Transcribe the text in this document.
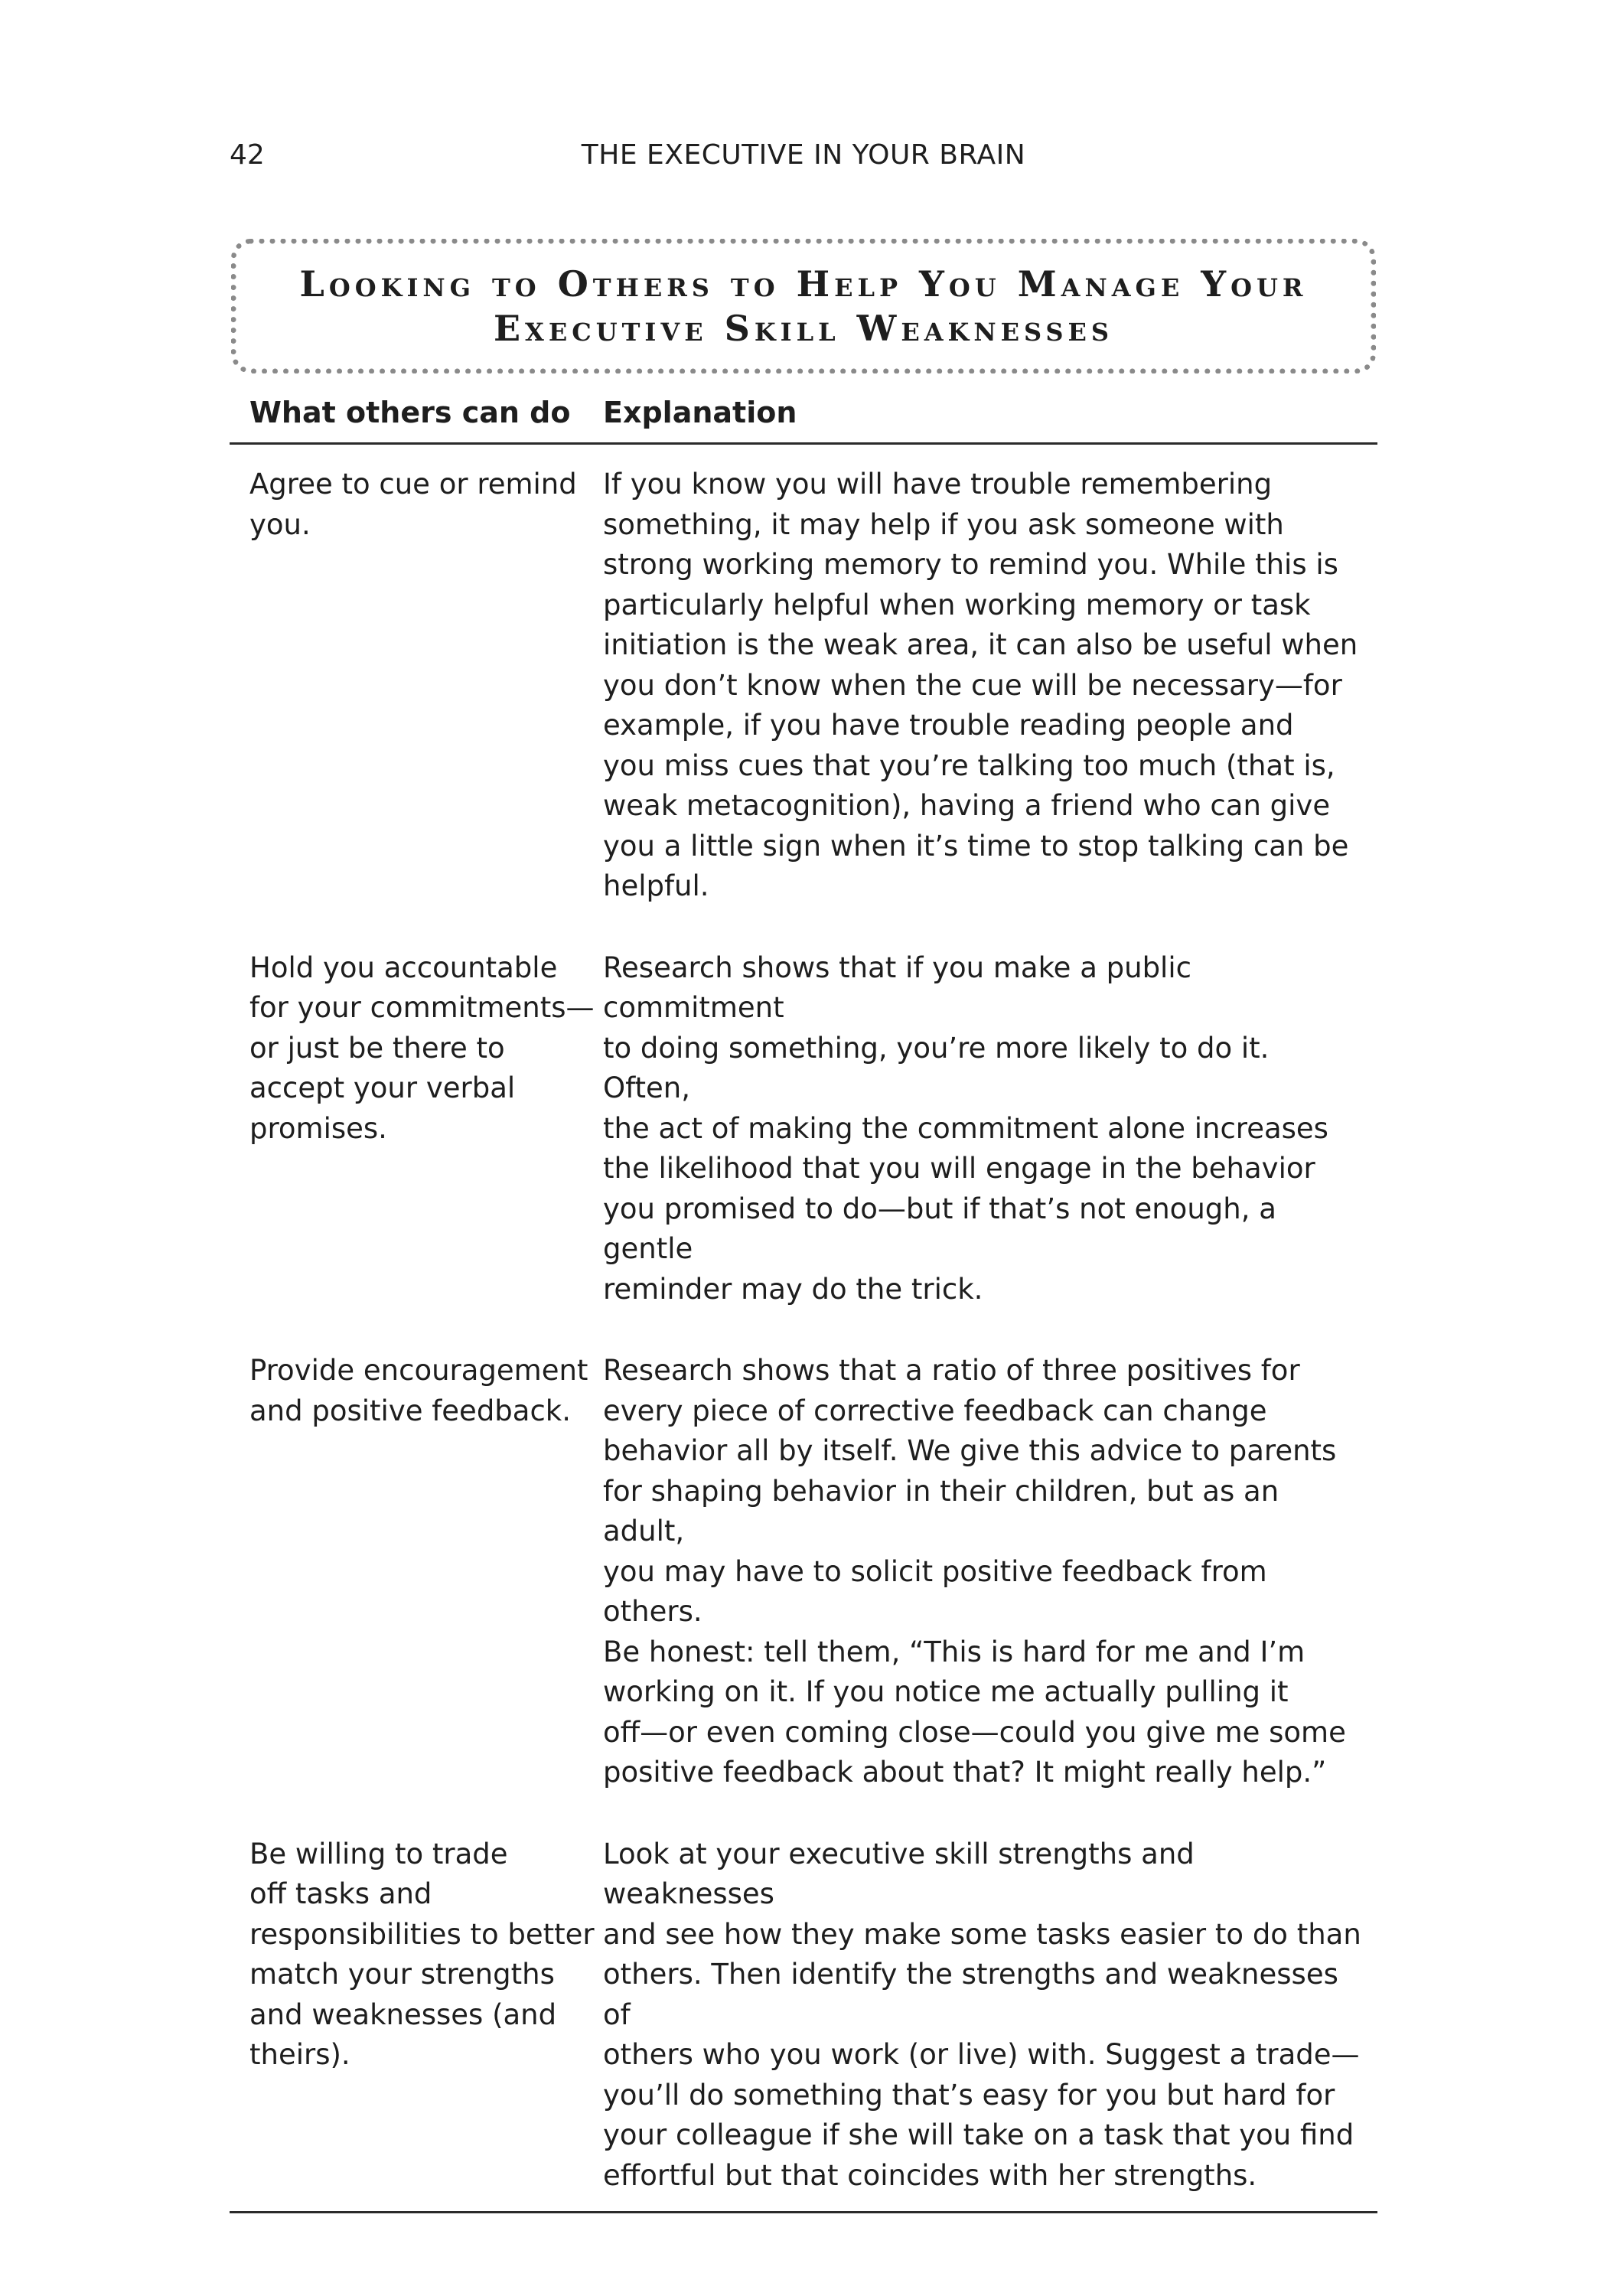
42	THE EXECUTIVE IN YOUR BRAIN
Looking to Others to Help You Manage Your
Executive Skill Weaknesses
What others can do	Explanation
Agree to cue or remind
you.
If you know you will have trouble remembering
something, it may help if you ask someone with
strong working memory to remind you. While this is
particularly helpful when working memory or task
initiation is the weak area, it can also be useful when
you don’t know when the cue will be necessary—for
example, if you have trouble reading people and
you miss cues that you’re talking too much (that is,
weak metacognition), having a friend who can give
you a little sign when it’s time to stop talking can be
helpful.
Hold you accountable
for your commitments—
or just be there to
accept your verbal
promises.
Research shows that if you make a public commitment
to doing something, you’re more likely to do it. Often,
the act of making the commitment alone increases
the likelihood that you will engage in the behavior
you promised to do—but if that’s not enough, a gentle
reminder may do the trick.
Provide encouragement
and positive feedback.
Research shows that a ratio of three positives for
every piece of corrective feedback can change
behavior all by itself. We give this advice to parents
for shaping behavior in their children, but as an adult,
you may have to solicit positive feedback from others.
Be honest: tell them, “This is hard for me and I’m
working on it. If you notice me actually pulling it
off—or even coming close—could you give me some
positive feedback about that? It might really help.”
Be willing to trade
off tasks and
responsibilities to better
match your strengths
and weaknesses (and
theirs).
Look at your executive skill strengths and weaknesses
and see how they make some tasks easier to do than
others. Then identify the strengths and weaknesses of
others who you work (or live) with. Suggest a trade—
you’ll do something that’s easy for you but hard for
your colleague if she will take on a task that you find
effortful but that coincides with her strengths.
